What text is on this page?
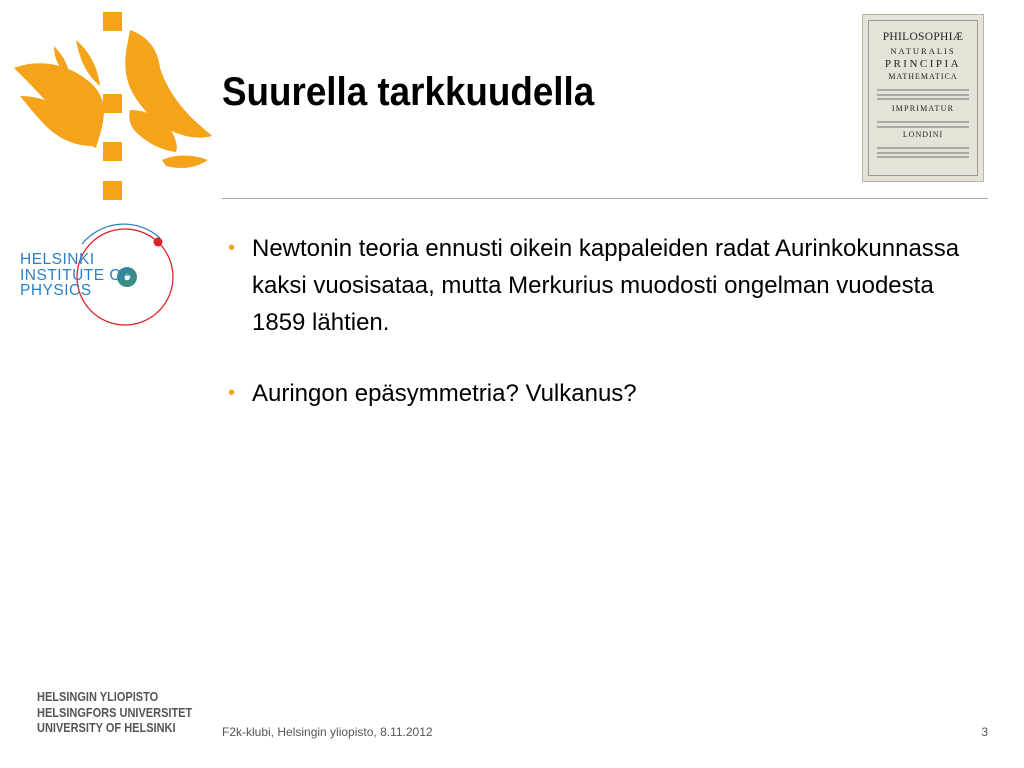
HELSINKI
INSTITUTE OF
PHYSICS
Suurella tarkkuudella
PHILOSOPHIÆ
NATURALIS
PRINCIPIA
MATHEMATICA
IMPRIMATUR
LONDINI
• Newtonin teoria ennusti oikein kappaleiden radat Aurinkokunnassa kaksi vuosisataa, mutta Merkurius muodosti ongelman vuodesta 1859 lähtien.
• Auringon epäsymmetria? Vulkanus?
HELSINGIN YLIOPISTO
HELSINGFORS UNIVERSITET
UNIVERSITY OF HELSINKI	F2k-klubi, Helsingin yliopisto, 8.11.2012	3
